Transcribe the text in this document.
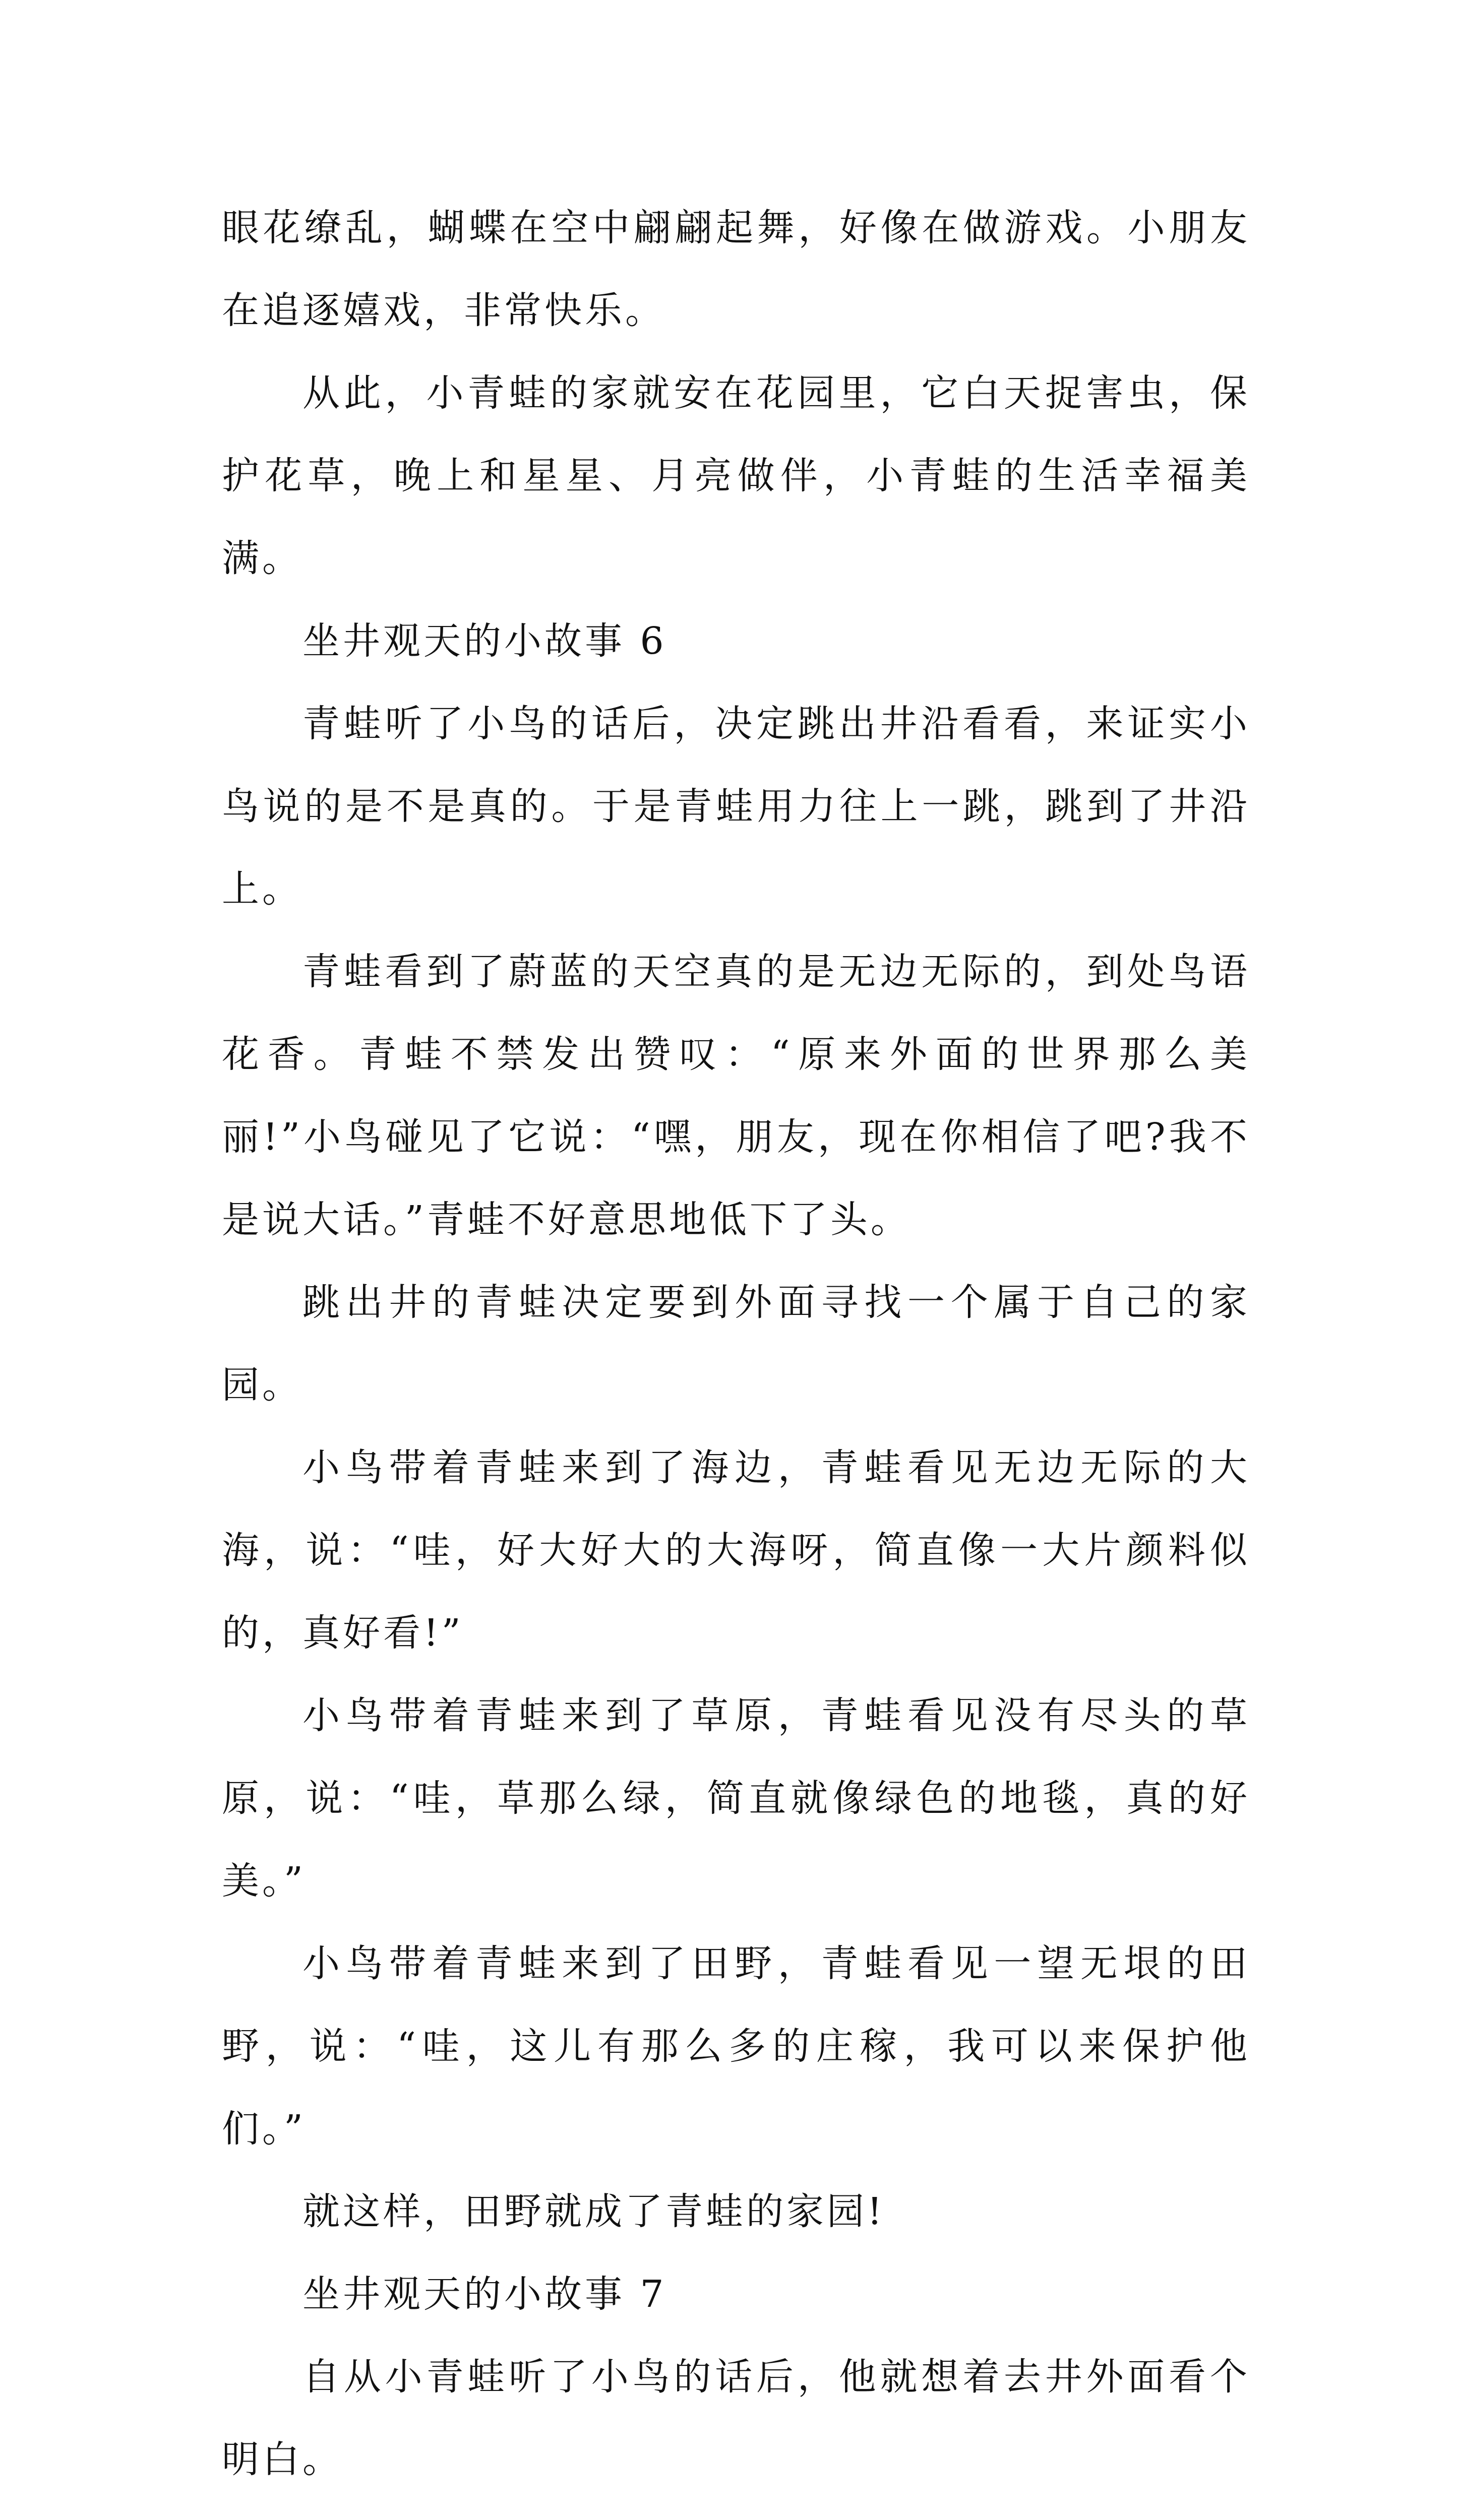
眼花缭乱，蝴蝶在空中翩翩起舞，好像在做游戏。小朋友在追逐嬉戏，非常快乐。

从此，小青蛙的家就安在花园里，它白天捉害虫，保护花草，晚上和星星、月亮做伴，小青蛙的生活幸福美满。

坐井观天的小故事 6

青蛙听了小鸟的话后，决定跳出井沿看看，来证实小鸟说的是不是真的。于是青蛙用力往上一跳，跳到了井沿上。

青蛙看到了蔚蓝的天空真的是无边无际的，到处鸟语花香。青蛙不禁发出赞叹：“原来外面的世界那么美丽!”小鸟碰见了它说：“嘿，朋友，现在你相信了吧?我不是说大话。”青蛙不好意思地低下了头。

跳出井的青蛙决定要到外面寻找一个属于自己的家园。

小鸟带着青蛙来到了海边，青蛙看见无边无际的大海，说：“哇，好大好大的大海呀，简直像一大片颜料似的，真好看!”

小鸟带着青蛙来到了草原，青蛙看见没有尽头的草原，说：“哇，草那么绿，简直就像绿色的地毯，真的好美。”

小鸟带着青蛙来到了田野，青蛙看见一望无垠的田野，说：“哇，这儿有那么多的庄稼，我可以来保护他们。”

就这样，田野就成了青蛙的家园!

坐井观天的小故事 7

自从小青蛙听了小鸟的话后，他就想着去井外面看个明白。
